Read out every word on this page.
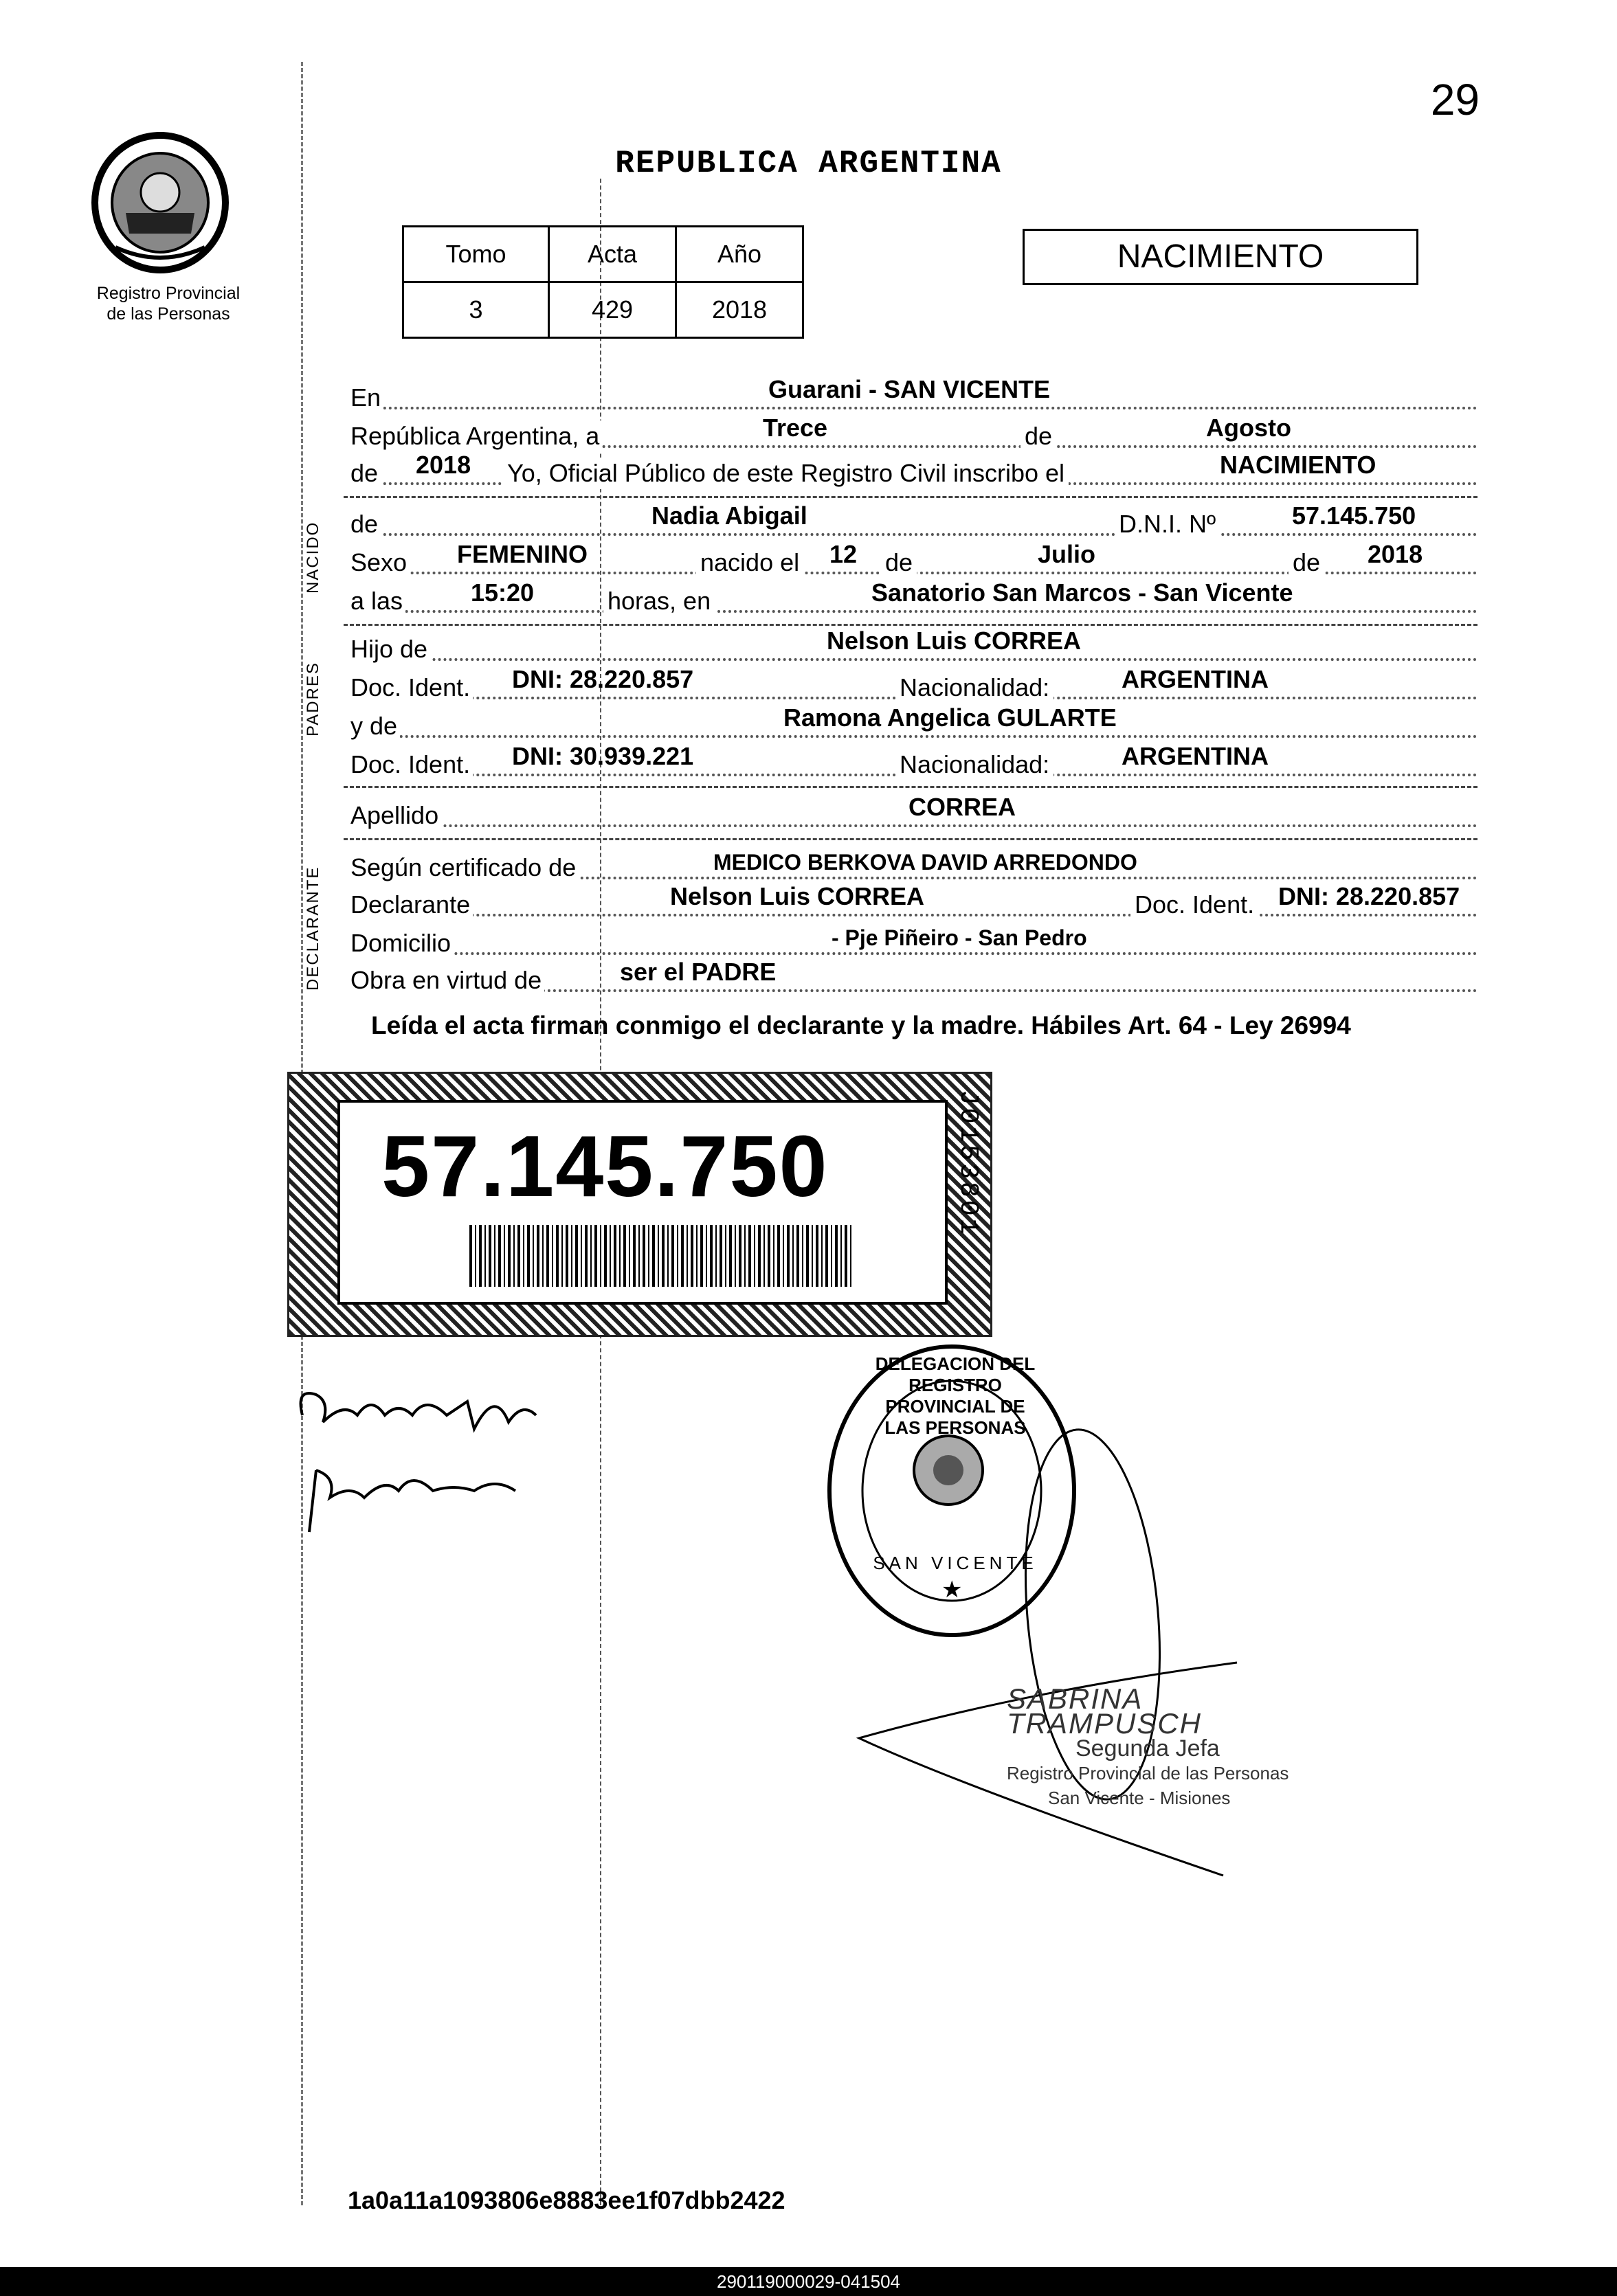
29
REPUBLICA ARGENTINA
Registro Provincial
de las Personas
Tomo	Acta	Año
3	429	2018
NACIMIENTO
En	Guarani - SAN VICENTE
República Argentina, a	Trece	de	Agosto
de 2018 Yo, Oficial Público de este Registro Civil inscribo el	NACIMIENTO
de	Nadia Abigail	D.N.I. Nº	57.145.750
Sexo FEMENINO	nacido el 12 de	Julio	de 2018
a las	15:20	horas, en	Sanatorio San Marcos - San Vicente
Hijo de	Nelson Luis CORREA
Doc. Ident. DNI: 28.220.857	Nacionalidad:	ARGENTINA
y de	Ramona Angelica GULARTE
Doc. Ident. DNI: 30.939.221	Nacionalidad:	ARGENTINA
Apellido	CORREA
Según certificado de	MEDICO BERKOVA DAVID ARREDONDO
Declarante	Nelson Luis CORREA	Doc. Ident. DNI: 28.220.857
Domicilio	- Pje Piñeiro - San Pedro
Obra en virtud de	ser el PADRE
NACIDO
PADRES
DECLARANTE
Leída el acta firman conmigo el declarante y la madre. Hábiles Art. 64 - Ley 26994
57.145.750	J0153801
★
DELEGACION DEL REGISTRO PROVINCIAL DE LAS PERSONAS
SAN VICENTE
SABRINA TRAMPUSCH
Segunda Jefa
Registro Provincial de las Personas
San Vicente - Misiones
1a0a11a1093806e8883ee1f07dbb2422
290119000029-041504
